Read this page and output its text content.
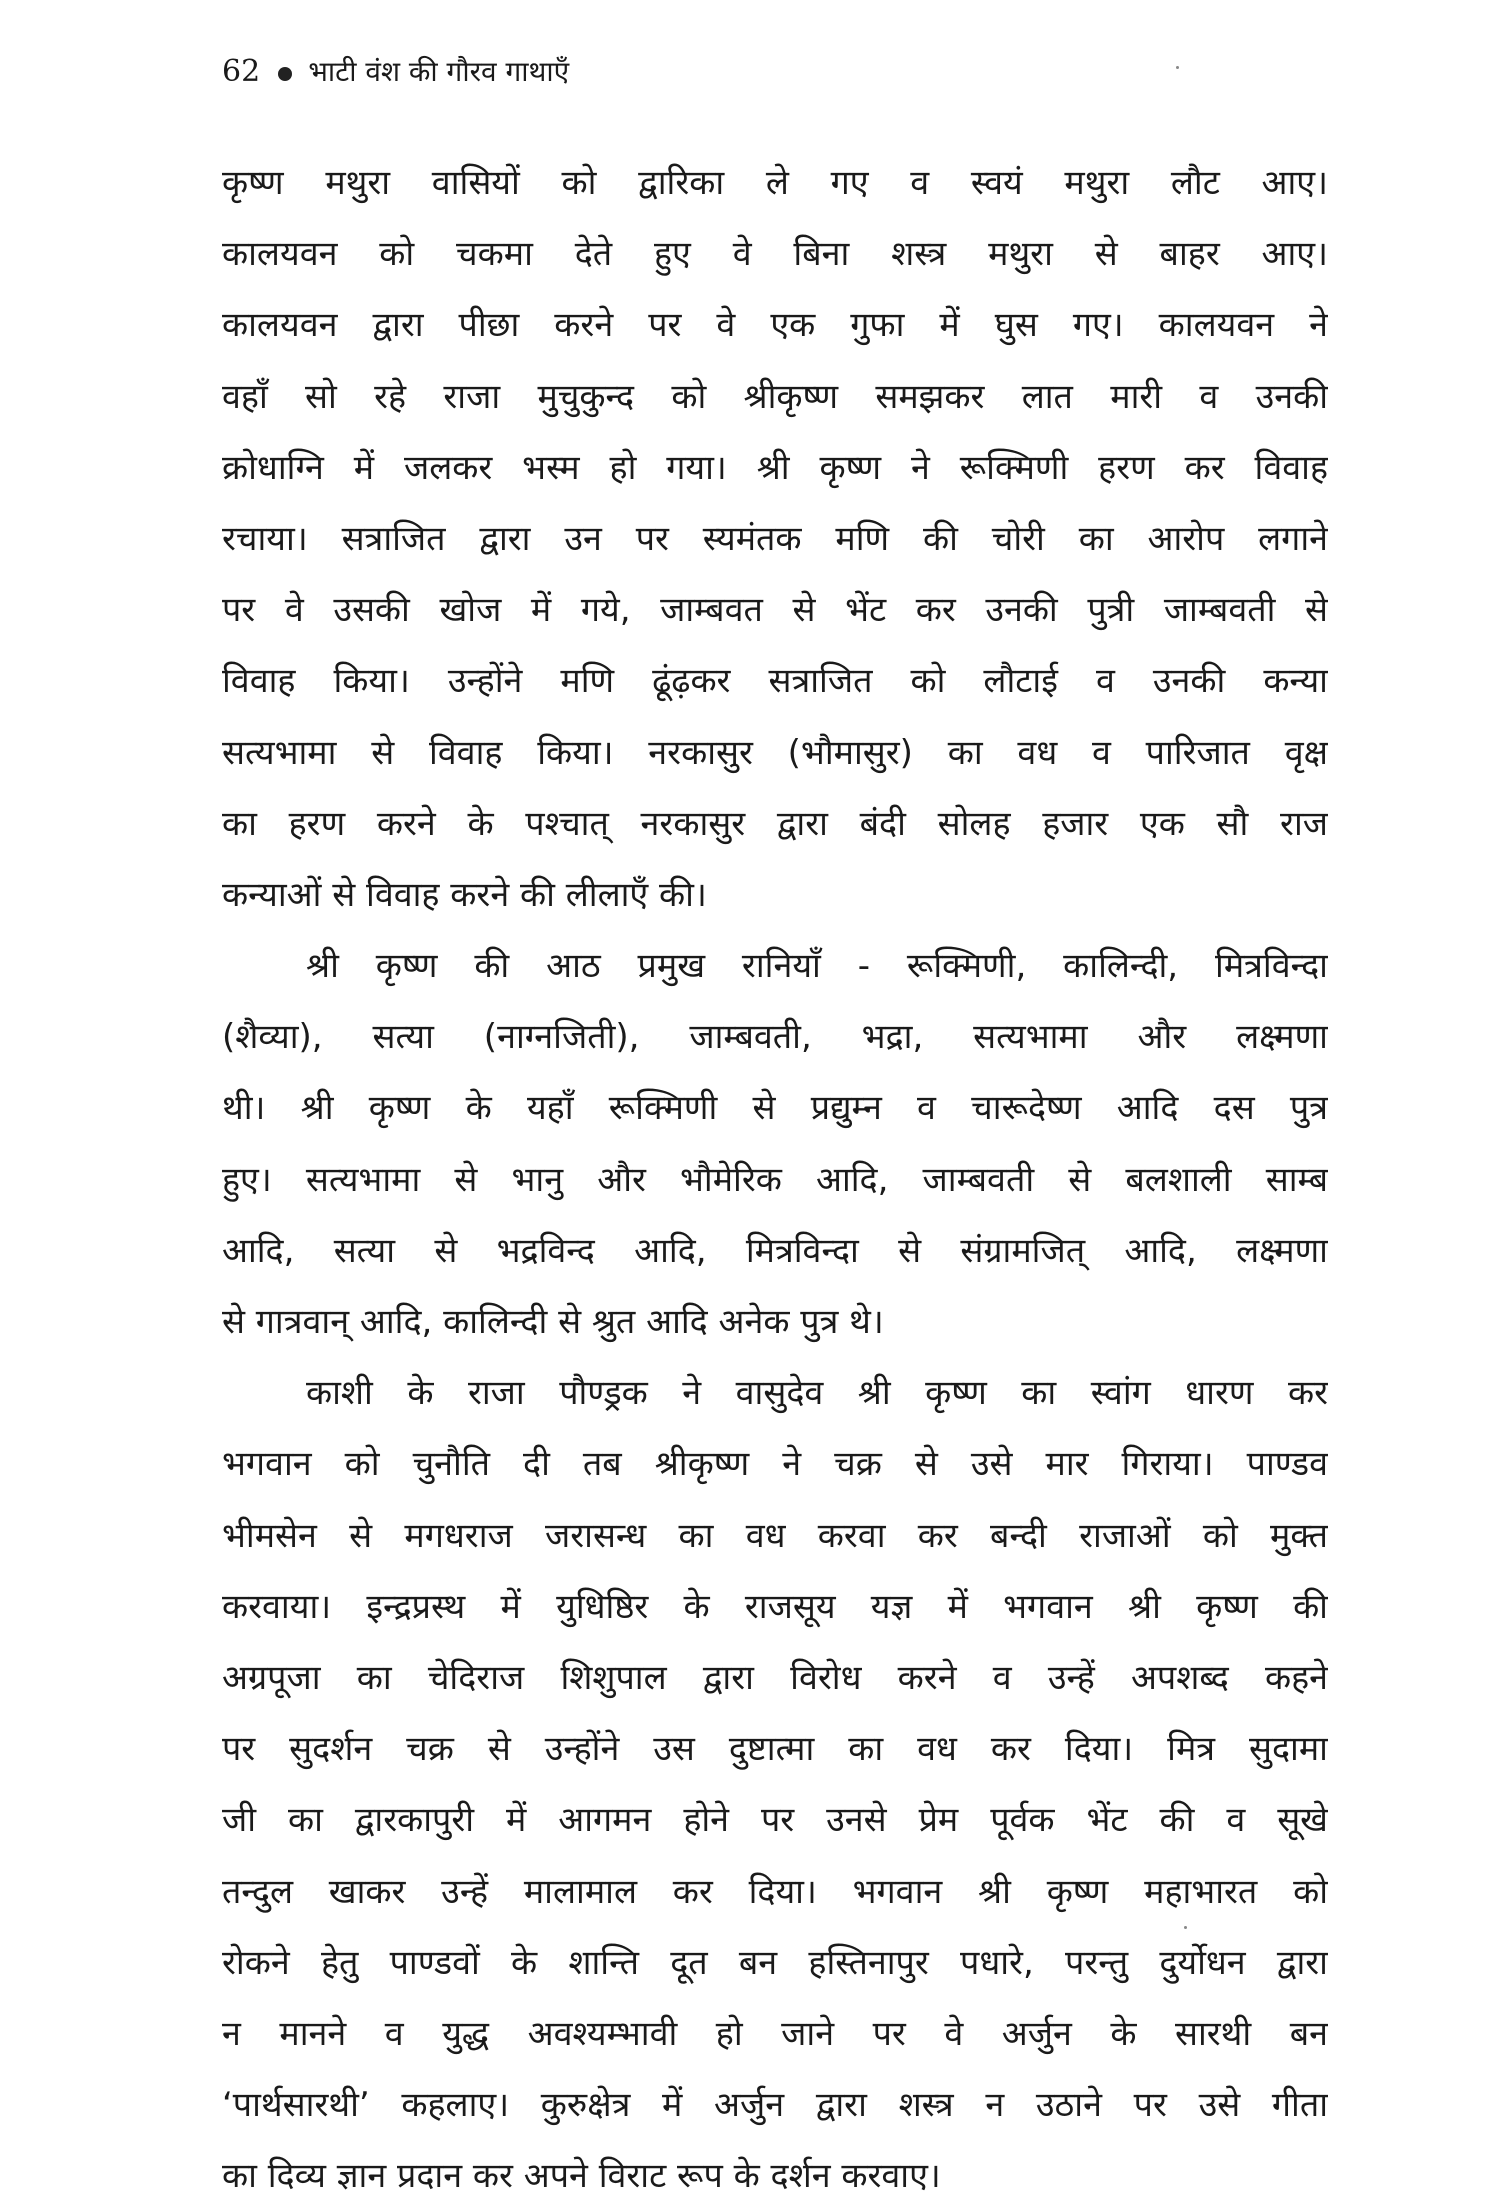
62 भाटी वंश की गौरव गाथाएँ
कृष्ण मथुरा वासियों को द्वारिका ले गए व स्वयं मथुरा लौट आए।
कालयवन को चकमा देते हुए वे बिना शस्त्र मथुरा से बाहर आए।
कालयवन द्वारा पीछा करने पर वे एक गुफा में घुस गए। कालयवन ने
वहाँ सो रहे राजा मुचुकुन्द को श्रीकृष्ण समझकर लात मारी व उनकी
क्रोधाग्नि में जलकर भस्म हो गया। श्री कृष्ण ने रूक्मिणी हरण कर विवाह
रचाया। सत्राजित द्वारा उन पर स्यमंतक मणि की चोरी का आरोप लगाने
पर वे उसकी खोज में गये, जाम्बवत से भेंट कर उनकी पुत्री जाम्बवती से
विवाह किया। उन्होंने मणि ढूंढ़कर सत्राजित को लौटाई व उनकी कन्या
सत्यभामा से विवाह किया। नरकासुर (भौमासुर) का वध व पारिजात वृक्ष
का हरण करने के पश्चात् नरकासुर द्वारा बंदी सोलह हजार एक सौ राज
कन्याओं से विवाह करने की लीलाएँ की।
श्री कृष्ण की आठ प्रमुख रानियाँ - रूक्मिणी, कालिन्दी, मित्रविन्दा
(शैव्या), सत्या (नाग्नजिती), जाम्बवती, भद्रा, सत्यभामा और लक्ष्मणा
थी। श्री कृष्ण के यहाँ रूक्मिणी से प्रद्युम्न व चारूदेष्ण आदि दस पुत्र
हुए। सत्यभामा से भानु और भौमेरिक आदि, जाम्बवती से बलशाली साम्ब
आदि, सत्या से भद्रविन्द आदि, मित्रविन्दा से संग्रामजित् आदि, लक्ष्मणा
से गात्रवान् आदि, कालिन्दी से श्रुत आदि अनेक पुत्र थे।
काशी के राजा पौण्ड्रक ने वासुदेव श्री कृष्ण का स्वांग धारण कर
भगवान को चुनौति दी तब श्रीकृष्ण ने चक्र से उसे मार गिराया। पाण्डव
भीमसेन से मगधराज जरासन्ध का वध करवा कर बन्दी राजाओं को मुक्त
करवाया। इन्द्रप्रस्थ में युधिष्ठिर के राजसूय यज्ञ में भगवान श्री कृष्ण की
अग्रपूजा का चेदिराज शिशुपाल द्वारा विरोध करने व उन्हें अपशब्द कहने
पर सुदर्शन चक्र से उन्होंने उस दुष्टात्मा का वध कर दिया। मित्र सुदामा
जी का द्वारकापुरी में आगमन होने पर उनसे प्रेम पूर्वक भेंट की व सूखे
तन्दुल खाकर उन्हें मालामाल कर दिया। भगवान श्री कृष्ण महाभारत को
रोकने हेतु पाण्डवों के शान्ति दूत बन हस्तिनापुर पधारे, परन्तु दुर्योधन द्वारा
न मानने व युद्ध अवश्यम्भावी हो जाने पर वे अर्जुन के सारथी बन
‘पार्थसारथी’ कहलाए। कुरुक्षेत्र में अर्जुन द्वारा शस्त्र न उठाने पर उसे गीता
का दिव्य ज्ञान प्रदान कर अपने विराट रूप के दर्शन करवाए।
